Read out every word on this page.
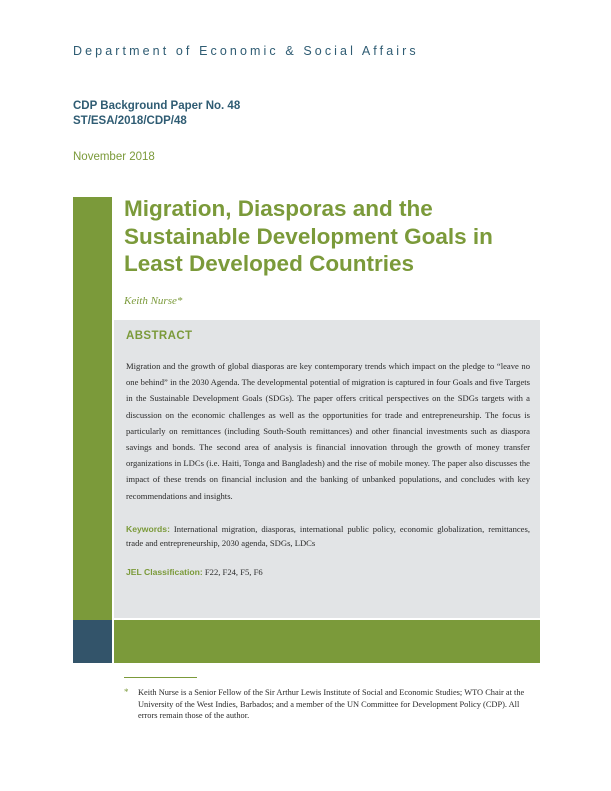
Department of Economic & Social Affairs
CDP Background Paper No. 48
ST/ESA/2018/CDP/48
November 2018
Migration, Diasporas and the Sustainable Development Goals in Least Developed Countries
Keith Nurse*
ABSTRACT

Migration and the growth of global diasporas are key contemporary trends which impact on the pledge to “leave no one behind” in the 2030 Agenda. The developmental potential of migration is captured in four Goals and five Targets in the Sustainable Development Goals (SDGs). The paper offers critical perspectives on the SDGs targets with a discussion on the economic challenges as well as the opportunities for trade and entrepreneurship. The focus is particularly on remittances (including South-South remittances) and other financial investments such as diaspora savings and bonds. The second area of analysis is financial innovation through the growth of money transfer organizations in LDCs (i.e. Haiti, Tonga and Bangladesh) and the rise of mobile money. The paper also discusses the impact of these trends on financial inclusion and the banking of unbanked populations, and concludes with key recommendations and insights.

Keywords: International migration, diasporas, international public policy, economic globalization, remittances, trade and entrepreneurship, 2030 agenda, SDGs, LDCs

JEL Classification: F22, F24, F5, F6

* Keith Nurse is a Senior Fellow of the Sir Arthur Lewis Institute of Social and Economic Studies; WTO Chair at the University of the West Indies, Barbados; and a member of the UN Committee for Development Policy (CDP). All errors remain those of the author.
